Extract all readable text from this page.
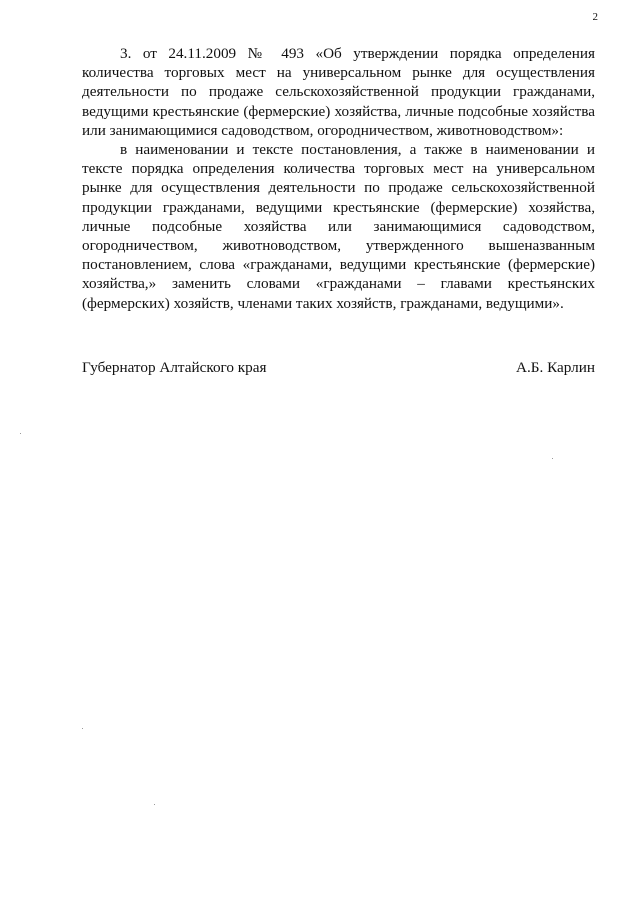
2

3. от 24.11.2009 № 493 «Об утверждении порядка определения количества торговых мест на универсальном рынке для осуществления деятельности по продаже сельскохозяйственной продукции гражданами, ведущими крестьянские (фермерские) хозяйства, личные подсобные хозяйства или занимающимися садоводством, огородничеством, животноводством»:

в наименовании и тексте постановления, а также в наименовании и тексте порядка определения количества торговых мест на универсальном рынке для осуществления деятельности по продаже сельскохозяйственной продукции гражданами, ведущими крестьянские (фермерские) хозяйства, личные подсобные хозяйства или занимающимися садоводством, огородничеством, животноводством, утвержденного вышеназванным постановлением, слова «гражданами, ведущими крестьянские (фермерские) хозяйства,» заменить словами «гражданами – главами крестьянских (фермерских) хозяйств, членами таких хозяйств, гражданами, ведущими».

Губернатор Алтайского края	А.Б. Карлин
